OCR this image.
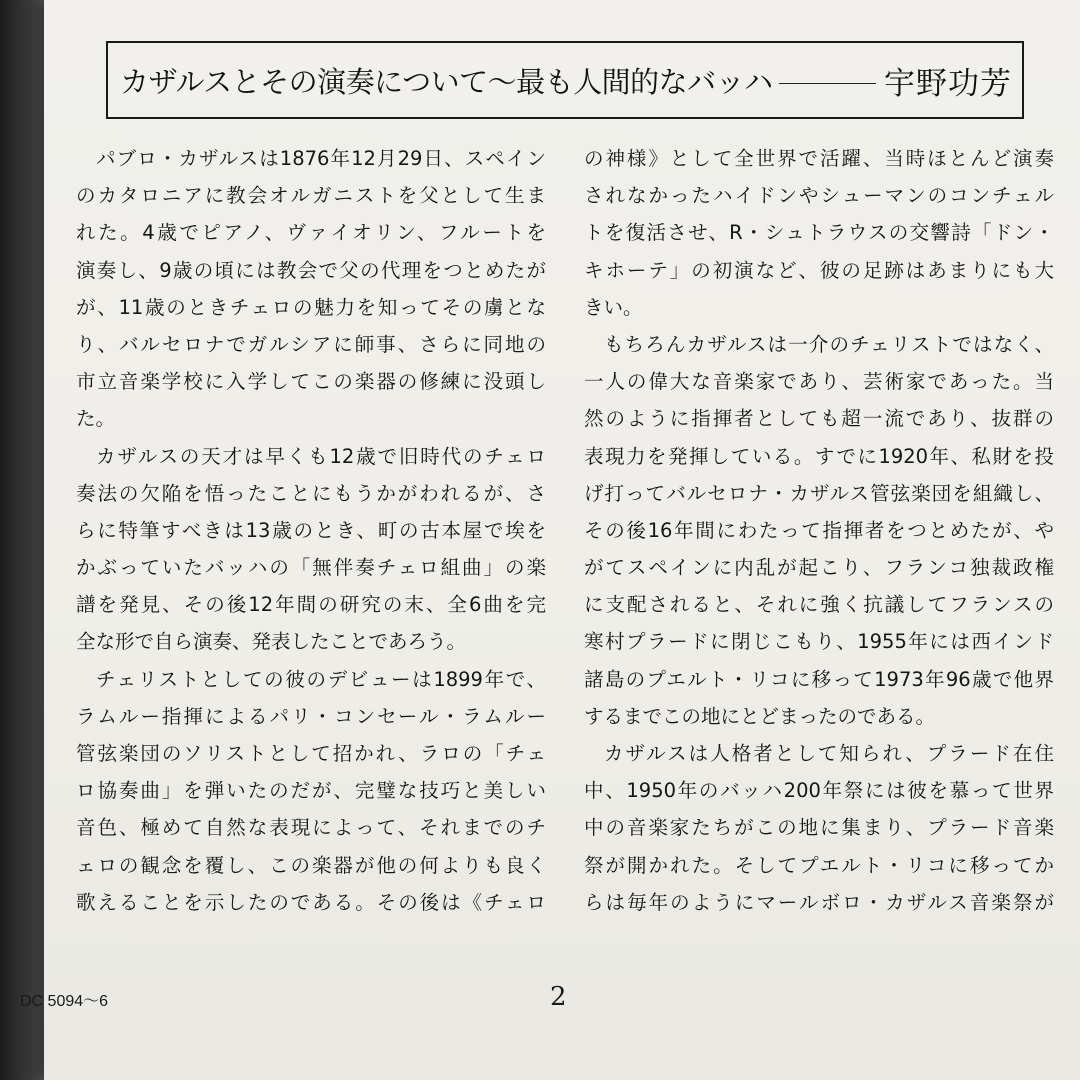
カザルスとその演奏について～最も人間的なバッハ	宇野功芳
パブロ・カザルスは1876年12月29日、スペイン
のカタロニアに教会オルガニストを父として生ま
れた。4歳でピアノ、ヴァイオリン、フルートを
演奏し、9歳の頃には教会で父の代理をつとめたが
が、11歳のときチェロの魅力を知ってその虜とな
り、バルセロナでガルシアに師事、さらに同地の
市立音楽学校に入学してこの楽器の修練に没頭し
た。
カザルスの天才は早くも12歳で旧時代のチェロ
奏法の欠陥を悟ったことにもうかがわれるが、さ
らに特筆すべきは13歳のとき、町の古本屋で埃を
かぶっていたバッハの「無伴奏チェロ組曲」の楽
譜を発見、その後12年間の研究の末、全6曲を完
全な形で自ら演奏、発表したことであろう。
チェリストとしての彼のデビューは1899年で、
ラムルー指揮によるパリ・コンセール・ラムルー
管弦楽団のソリストとして招かれ、ラロの「チェ
ロ協奏曲」を弾いたのだが、完璧な技巧と美しい
音色、極めて自然な表現によって、それまでのチ
ェロの観念を覆し、この楽器が他の何よりも良く
歌えることを示したのである。その後は《チェロ
の神様》として全世界で活躍、当時ほとんど演奏
されなかったハイドンやシューマンのコンチェル
トを復活させ、R・シュトラウスの交響詩「ドン・
キホーテ」の初演など、彼の足跡はあまりにも大
きい。
もちろんカザルスは一介のチェリストではなく、
一人の偉大な音楽家であり、芸術家であった。当
然のように指揮者としても超一流であり、抜群の
表現力を発揮している。すでに1920年、私財を投
げ打ってバルセロナ・カザルス管弦楽団を組織し、
その後16年間にわたって指揮者をつとめたが、や
がてスペインに内乱が起こり、フランコ独裁政権
に支配されると、それに強く抗議してフランスの
寒村プラードに閉じこもり、1955年には西インド
諸島のプエルト・リコに移って1973年96歳で他界
するまでこの地にとどまったのである。
カザルスは人格者として知られ、プラード在住
中、1950年のバッハ200年祭には彼を慕って世界
中の音楽家たちがこの地に集まり、プラード音楽
祭が開かれた。そしてプエルト・リコに移ってか
らは毎年のようにマールボロ・カザルス音楽祭が
DC 5094～6	2
